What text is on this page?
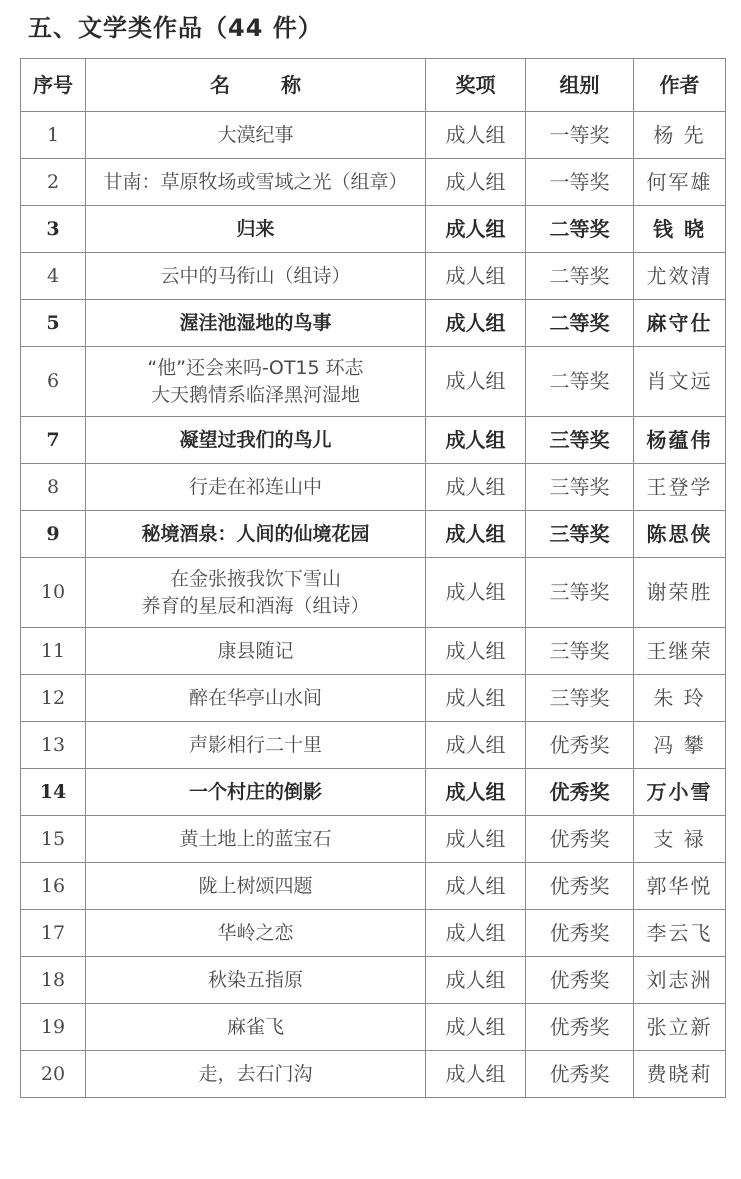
五、文学类作品（44 件）
序号	名 称	奖项	组别	作者
1	大漠纪事	成人组	一等奖	杨 先
2	甘南：草原牧场或雪域之光（组章）	成人组	一等奖	何军雄
3	归来	成人组	二等奖	钱 晓
4	云中的马衔山（组诗）	成人组	二等奖	尤效清
5	渥洼池湿地的鸟事	成人组	二等奖	麻守仕
6	“他”还会来吗-OT15 环志
大天鹅情系临泽黑河湿地	成人组	二等奖	肖文远
7	凝望过我们的鸟儿	成人组	三等奖	杨蕴伟
8	行走在祁连山中	成人组	三等奖	王登学
9	秘境酒泉：人间的仙境花园	成人组	三等奖	陈思侠
10	在金张掖我饮下雪山
养育的星辰和酒海（组诗）	成人组	三等奖	谢荣胜
11	康县随记	成人组	三等奖	王继荣
12	醉在华亭山水间	成人组	三等奖	朱 玲
13	声影相行二十里	成人组	优秀奖	冯 攀
14	一个村庄的倒影	成人组	优秀奖	万小雪
15	黄土地上的蓝宝石	成人组	优秀奖	支 禄
16	陇上树颂四题	成人组	优秀奖	郭华悦
17	华岭之恋	成人组	优秀奖	李云飞
18	秋染五指原	成人组	优秀奖	刘志洲
19	麻雀飞	成人组	优秀奖	张立新
20	走，去石门沟	成人组	优秀奖	费晓莉
